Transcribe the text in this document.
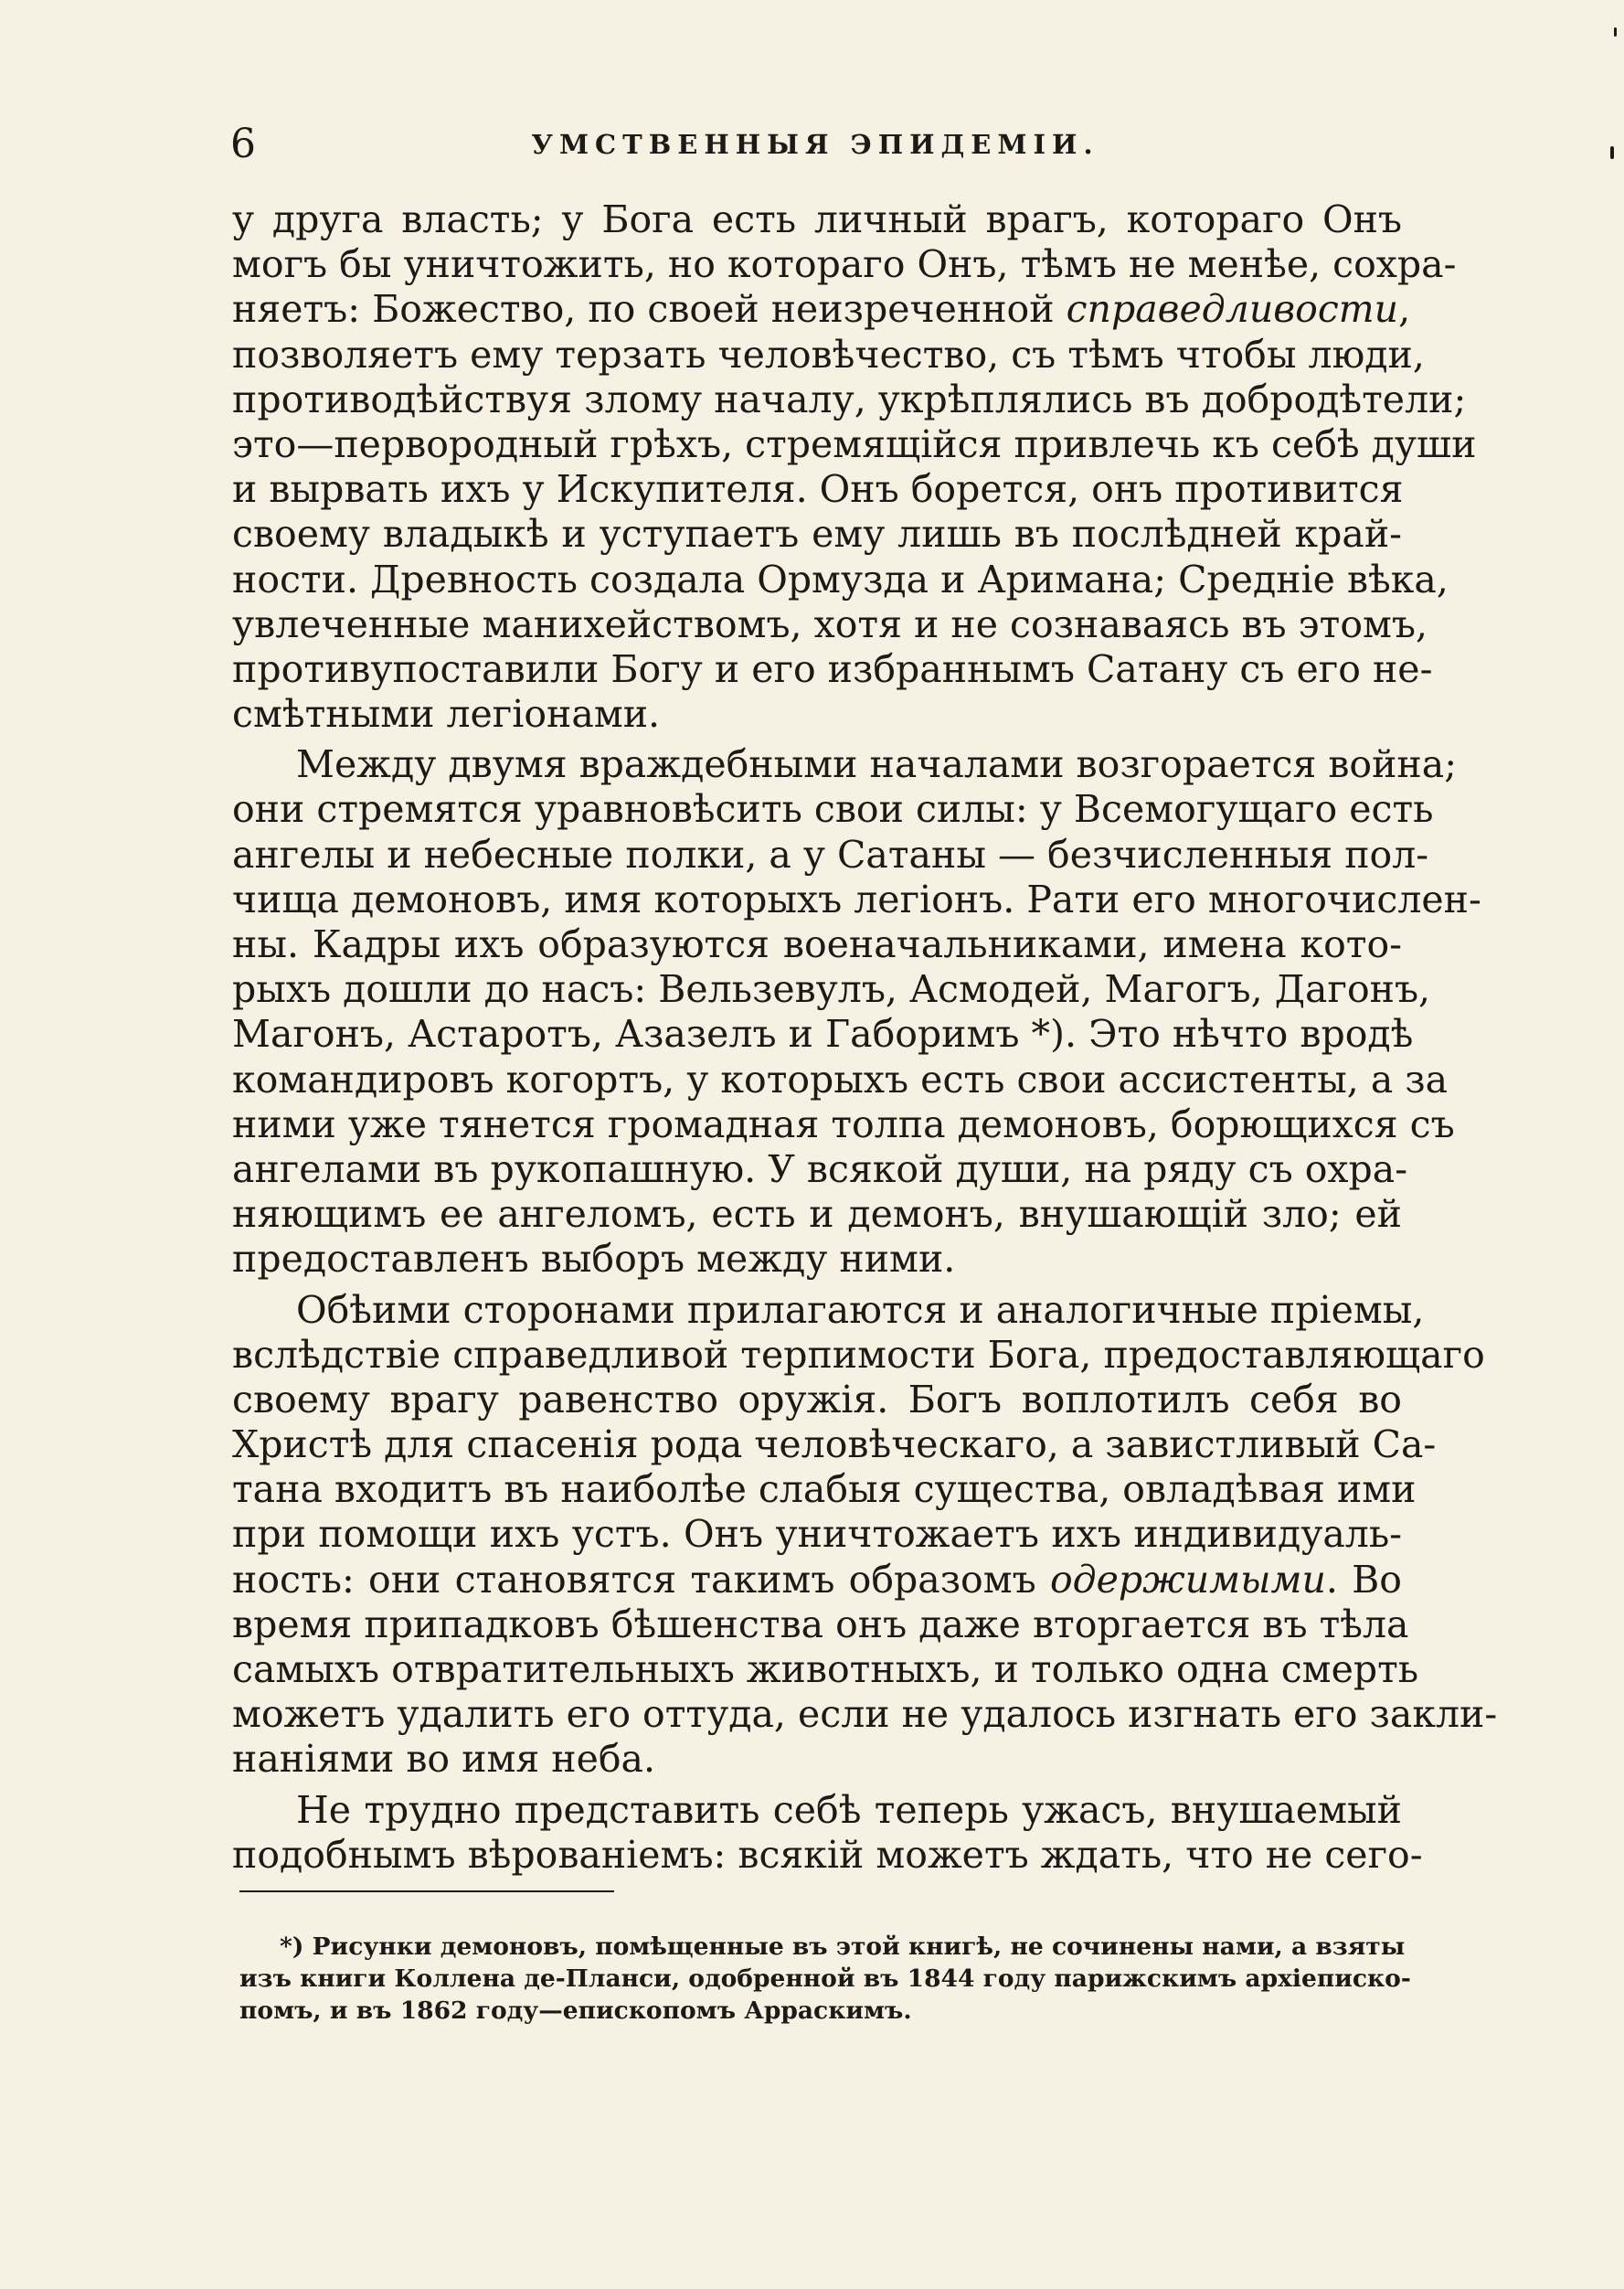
6	УМСТВЕННЫЯ ЭПИДЕМІИ.
у друга власть; у Бога есть личный врагъ, котораго Онъ
могъ бы уничтожить, но котораго Онъ, тѣмъ не менѣе, сохра-
няетъ: Божество, по своей неизреченной справедливости,
позволяетъ ему терзать человѣчество, съ тѣмъ чтобы люди,
противодѣйствуя злому началу, укрѣплялись въ добродѣтели;
это—первородный грѣхъ, стремящійся привлечь къ себѣ души
и вырвать ихъ у Искупителя. Онъ борется, онъ противится
своему владыкѣ и уступаетъ ему лишь въ послѣдней край-
ности. Древность создала Ормузда и Аримана; Средніе вѣка,
увлеченные манихействомъ, хотя и не сознаваясь въ этомъ,
противупоставили Богу и его избраннымъ Сатану съ его не-
смѣтными легіонами.
Между двумя враждебными началами возгорается война;
они стремятся уравновѣсить свои силы: у Всемогущаго есть
ангелы и небесные полки, а у Сатаны — безчисленныя пол-
чища демоновъ, имя которыхъ легіонъ. Рати его многочислен-
ны. Кадры ихъ образуются военачальниками, имена кото-
рыхъ дошли до насъ: Вельзевулъ, Асмодей, Магогъ, Дагонъ,
Магонъ, Астаротъ, Азазелъ и Габоримъ *). Это нѣчто вродѣ
командировъ когортъ, у которыхъ есть свои ассистенты, а за
ними уже тянется громадная толпа демоновъ, борющихся съ
ангелами въ рукопашную. У всякой души, на ряду съ охра-
няющимъ ее ангеломъ, есть и демонъ, внушающій зло; ей
предоставленъ выборъ между ними.
Обѣими сторонами прилагаются и аналогичные пріемы,
вслѣдствіе справедливой терпимости Бога, предоставляющаго
своему врагу равенство оружія. Богъ воплотилъ себя во
Христѣ для спасенія рода человѣческаго, а завистливый Са-
тана входитъ въ наиболѣе слабыя существа, овладѣвая ими
при помощи ихъ устъ. Онъ уничтожаетъ ихъ индивидуаль-
ность: они становятся такимъ образомъ одержимыми. Во
время припадковъ бѣшенства онъ даже вторгается въ тѣла
самыхъ отвратительныхъ животныхъ, и только одна смерть
можетъ удалить его оттуда, если не удалось изгнать его закли-
наніями во имя неба.
Не трудно представить себѣ теперь ужасъ, внушаемый
подобнымъ вѣрованіемъ: всякій можетъ ждать, что не сего-
*) Рисунки демоновъ, помѣщенные въ этой книгѣ, не сочинены нами, а взяты
изъ книги Коллена де-Планси, одобренной въ 1844 году парижскимъ архіеписко-
помъ, и въ 1862 году—епископомъ Арраскимъ.
